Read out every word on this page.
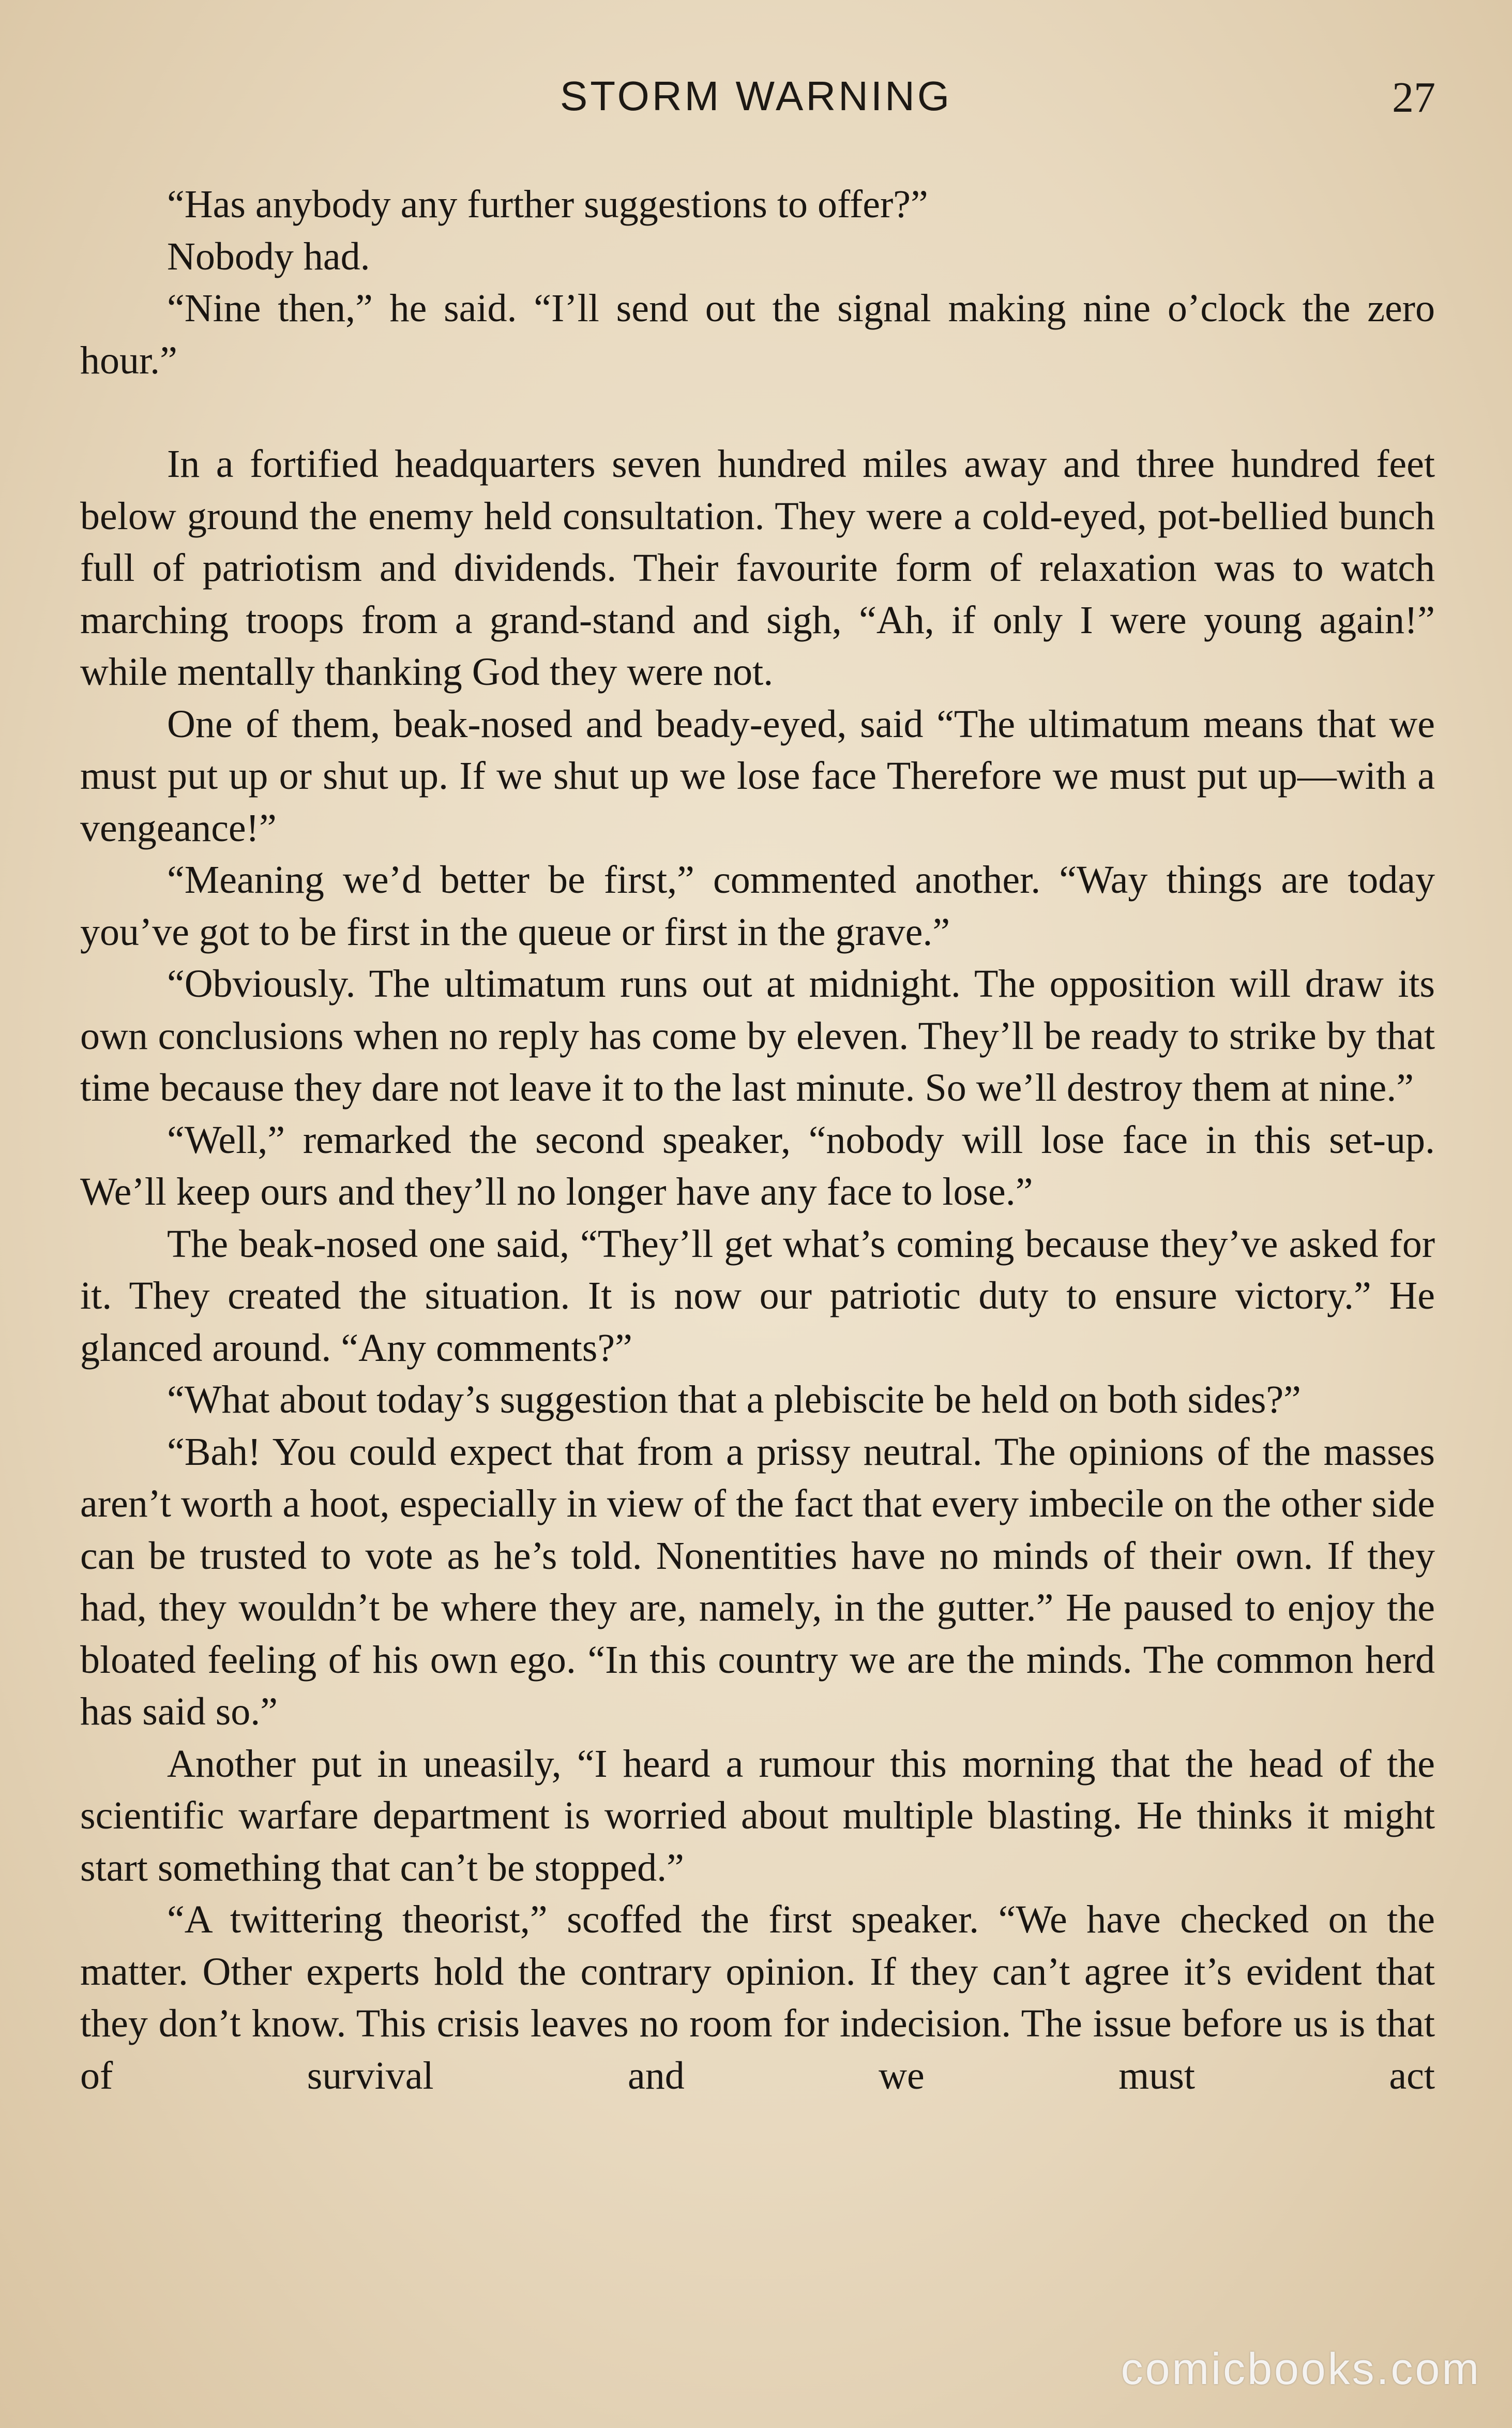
STORM WARNING	27

“Has anybody any further suggestions to offer?”

Nobody had.

“Nine then,” he said. “I’ll send out the signal making nine o’clock the zero hour.”

In a fortified headquarters seven hundred miles away and three hundred feet below ground the enemy held consultation. They were a cold-eyed, pot-bellied bunch full of patriotism and dividends. Their favourite form of relaxation was to watch marching troops from a grand-stand and sigh, “Ah, if only I were young again!” while mentally thanking God they were not.

One of them, beak-nosed and beady-eyed, said “The ultimatum means that we must put up or shut up. If we shut up we lose face Therefore we must put up—with a vengeance!”

“Meaning we’d better be first,” commented another. “Way things are today you’ve got to be first in the queue or first in the grave.”

“Obviously. The ultimatum runs out at midnight. The opposition will draw its own conclusions when no reply has come by eleven. They’ll be ready to strike by that time because they dare not leave it to the last minute. So we’ll destroy them at nine.”

“Well,” remarked the second speaker, “nobody will lose face in this set-up. We’ll keep ours and they’ll no longer have any face to lose.”

The beak-nosed one said, “They’ll get what’s coming because they’ve asked for it. They created the situation. It is now our patriotic duty to ensure victory.” He glanced around. “Any comments?”

“What about today’s suggestion that a plebiscite be held on both sides?”

“Bah! You could expect that from a prissy neutral. The opinions of the masses aren’t worth a hoot, especially in view of the fact that every imbecile on the other side can be trusted to vote as he’s told. Nonentities have no minds of their own. If they had, they wouldn’t be where they are, namely, in the gutter.” He paused to enjoy the bloated feeling of his own ego. “In this country we are the minds. The common herd has said so.”

Another put in uneasily, “I heard a rumour this morning that the head of the scientific warfare department is worried about multiple blasting. He thinks it might start something that can’t be stopped.”

“A twittering theorist,” scoffed the first speaker. “We have checked on the matter. Other experts hold the contrary opinion. If they can’t agree it’s evident that they don’t know. This crisis leaves no room for indecision. The issue before us is that of survival and we must act

comicbooks.com
